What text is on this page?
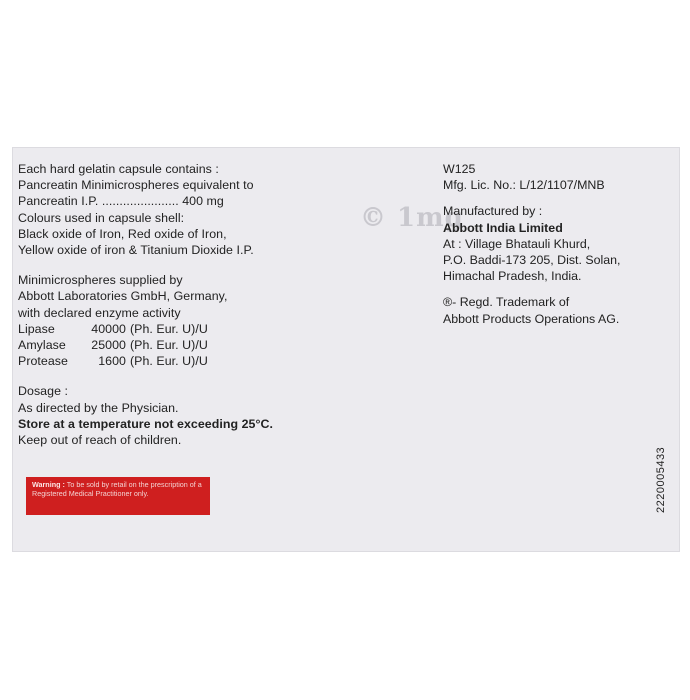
Each hard gelatin capsule contains :
Pancreatin Minimicrospheres equivalent to
Pancreatin I.P. ...................... 400 mg
Colours used in capsule shell:
Black oxide of Iron, Red oxide of Iron,
Yellow oxide of iron & Titanium Dioxide I.P.
Minimicrospheres supplied by
Abbott Laboratories GmbH, Germany,
with declared enzyme activity
Lipase	40000 (Ph. Eur. U)/U
Amylase	25000 (Ph. Eur. U)/U
Protease	1600 (Ph. Eur. U)/U
Dosage :
As directed by the Physician.
Store at a temperature not exceeding 25°C.
Keep out of reach of children.
Warning : To be sold by retail on the prescription of a Registered Medical Practitioner only.
© 1mg
W125
Mfg. Lic. No.: L/12/1107/MNB
Manufactured by :
Abbott India Limited
At : Village Bhatauli Khurd,
P.O. Baddi-173 205, Dist. Solan,
Himachal Pradesh, India.
®- Regd. Trademark of
Abbott Products Operations AG.
2220005433
